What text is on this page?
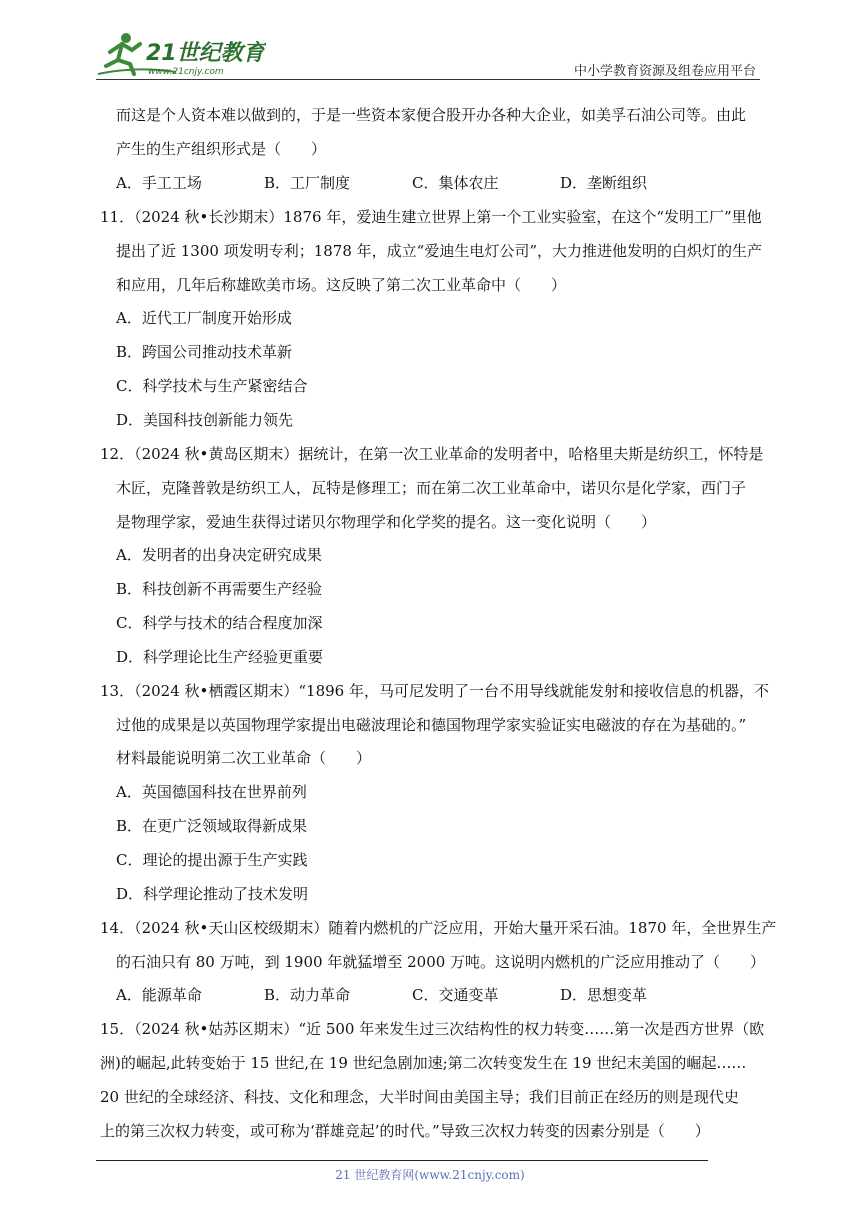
21世纪教育
www.21cnjy.com	中小学教育资源及组卷应用平台
而这是个人资本难以做到的，于是一些资本家便合股开办各种大企业，如美孚石油公司等。由此
产生的生产组织形式是（　　）
A．手工工场	B．工厂制度	C．集体农庄	D．垄断组织
11．（2024 秋•长沙期末）1876 年，爱迪生建立世界上第一个工业实验室，在这个“发明工厂”里他
提出了近 1300 项发明专利；1878 年，成立“爱迪生电灯公司”，大力推进他发明的白炽灯的生产
和应用，几年后称雄欧美市场。这反映了第二次工业革命中（　　）
A．近代工厂制度开始形成
B．跨国公司推动技术革新
C．科学技术与生产紧密结合
D．美国科技创新能力领先
12．（2024 秋•黄岛区期末）据统计，在第一次工业革命的发明者中，哈格里夫斯是纺织工，怀特是
木匠，克隆普敦是纺织工人，瓦特是修理工；而在第二次工业革命中，诺贝尔是化学家，西门子
是物理学家，爱迪生获得过诺贝尔物理学和化学奖的提名。这一变化说明（　　）
A．发明者的出身决定研究成果
B．科技创新不再需要生产经验
C．科学与技术的结合程度加深
D．科学理论比生产经验更重要
13．（2024 秋•栖霞区期末）“1896 年，马可尼发明了一台不用导线就能发射和接收信息的机器，不
过他的成果是以英国物理学家提出电磁波理论和德国物理学家实验证实电磁波的存在为基础的。”
材料最能说明第二次工业革命（　　）
A．英国德国科技在世界前列
B．在更广泛领域取得新成果
C．理论的提出源于生产实践
D．科学理论推动了技术发明
14．（2024 秋•天山区校级期末）随着内燃机的广泛应用，开始大量开采石油。1870 年，全世界生产
的石油只有 80 万吨，到 1900 年就猛增至 2000 万吨。这说明内燃机的广泛应用推动了（　　）
A．能源革命	B．动力革命	C．交通变革	D．思想变革
15．（2024 秋•姑苏区期末）“近 500 年来发生过三次结构性的权力转变……第一次是西方世界（欧
洲)的崛起,此转变始于 15 世纪,在 19 世纪急剧加速;第二次转变发生在 19 世纪末美国的崛起……
20 世纪的全球经济、科技、文化和理念，大半时间由美国主导；我们目前正在经历的则是现代史
上的第三次权力转变，或可称为‘群雄竞起’的时代。”导致三次权力转变的因素分别是（　　）
21 世纪教育网(www.21cnjy.com)
